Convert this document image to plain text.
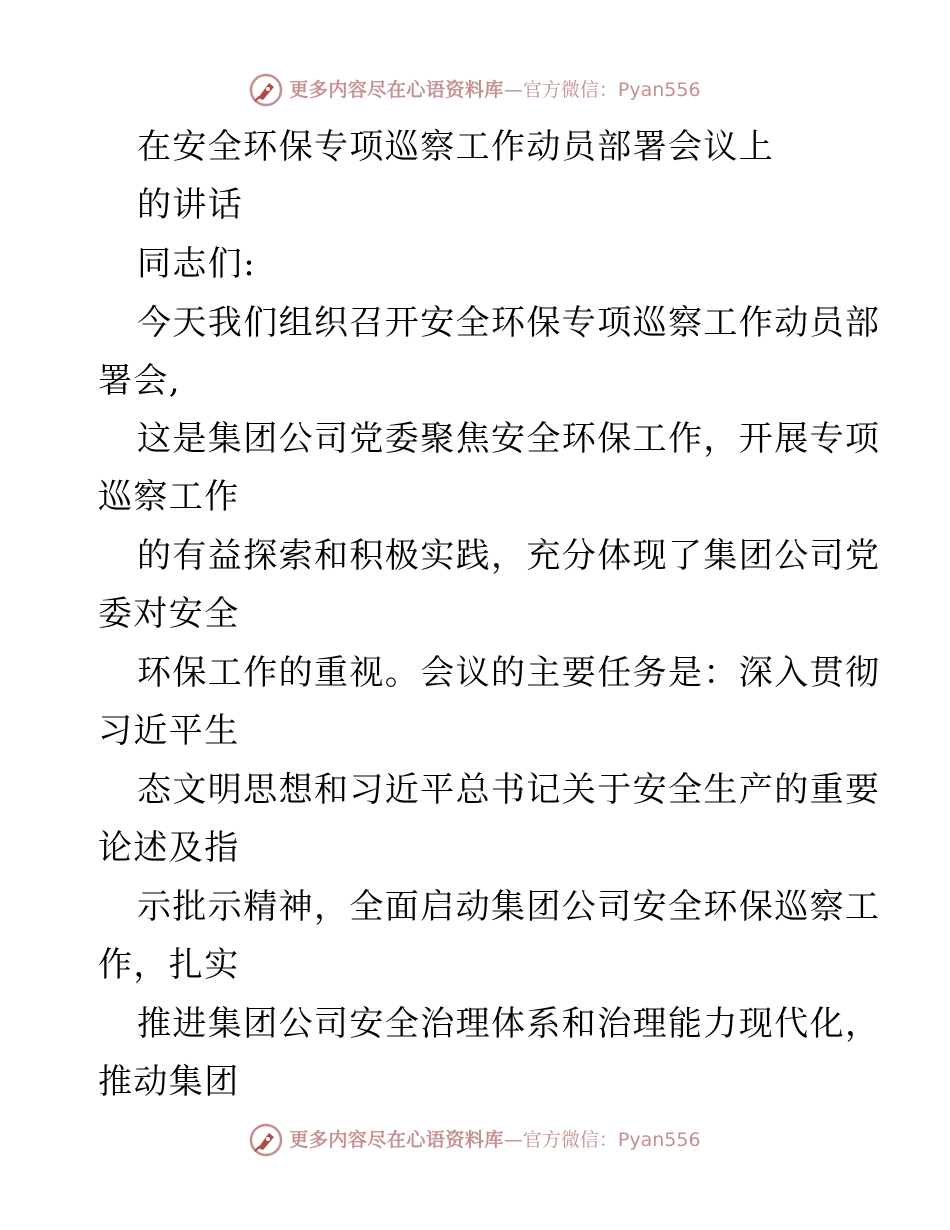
更多内容尽在心语资料库 —官方微信：Pyan556
在安全环保专项巡察工作动员部署会议上
的讲话
同志们:
今天我们组织召开安全环保专项巡察工作动员部
署会,
这是集团公司党委聚焦安全环保工作，开展专项
巡察工作
的有益探索和积极实践，充分体现了集团公司党
委对安全
环保工作的重视。会议的主要任务是：深入贯彻
习近平生
态文明思想和习近平总书记关于安全生产的重要
论述及指
示批示精神，全面启动集团公司安全环保巡察工
作，扎实
推进集团公司安全治理体系和治理能力现代化，
推动集团
更多内容尽在心语资料库 —官方微信：Pyan556
